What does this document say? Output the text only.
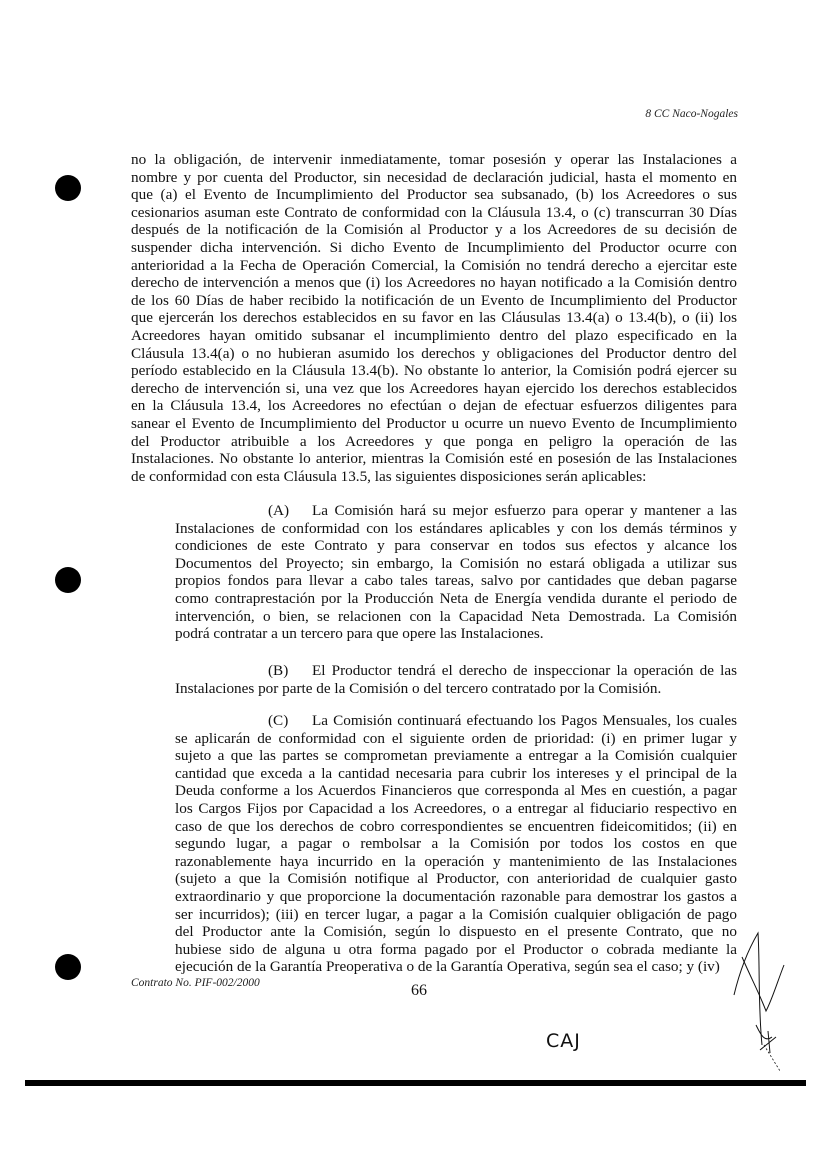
8 CC Naco-Nogales
no la obligación, de intervenir inmediatamente, tomar posesión y operar las Instalaciones a
nombre y por cuenta del Productor, sin necesidad de declaración judicial, hasta el momento en
que (a) el Evento de Incumplimiento del Productor sea subsanado, (b) los Acreedores o sus
cesionarios asuman este Contrato de conformidad con la Cláusula 13.4, o (c) transcurran 30 Días
después de la notificación de la Comisión al Productor y a los Acreedores de su decisión de
suspender dicha intervención. Si dicho Evento de Incumplimiento del Productor ocurre con
anterioridad a la Fecha de Operación Comercial, la Comisión no tendrá derecho a ejercitar este
derecho de intervención a menos que (i) los Acreedores no hayan notificado a la Comisión dentro
de los 60 Días de haber recibido la notificación de un Evento de Incumplimiento del Productor
que ejercerán los derechos establecidos en su favor en las Cláusulas 13.4(a) o 13.4(b), o (ii) los
Acreedores hayan omitido subsanar el incumplimiento dentro del plazo especificado en la
Cláusula 13.4(a) o no hubieran asumido los derechos y obligaciones del Productor dentro del
período establecido en la Cláusula 13.4(b). No obstante lo anterior, la Comisión podrá ejercer su
derecho de intervención si, una vez que los Acreedores hayan ejercido los derechos establecidos
en la Cláusula 13.4, los Acreedores no efectúan o dejan de efectuar esfuerzos diligentes para
sanear el Evento de Incumplimiento del Productor u ocurre un nuevo Evento de Incumplimiento
del Productor atribuible a los Acreedores y que ponga en peligro la operación de las
Instalaciones. No obstante lo anterior, mientras la Comisión esté en posesión de las Instalaciones
de conformidad con esta Cláusula 13.5, las siguientes disposiciones serán aplicables:
(A)	La Comisión hará su mejor esfuerzo para operar y mantener a las
Instalaciones de conformidad con los estándares aplicables y con los demás términos y
condiciones de este Contrato y para conservar en todos sus efectos y alcance los
Documentos del Proyecto; sin embargo, la Comisión no estará obligada a utilizar sus
propios fondos para llevar a cabo tales tareas, salvo por cantidades que deban pagarse
como contraprestación por la Producción Neta de Energía vendida durante el periodo de
intervención, o bien, se relacionen con la Capacidad Neta Demostrada. La Comisión
podrá contratar a un tercero para que opere las Instalaciones.
(B)	El Productor tendrá el derecho de inspeccionar la operación de las
Instalaciones por parte de la Comisión o del tercero contratado por la Comisión.
(C)	La Comisión continuará efectuando los Pagos Mensuales, los cuales
se aplicarán de conformidad con el siguiente orden de prioridad: (i) en primer lugar y
sujeto a que las partes se comprometan previamente a entregar a la Comisión cualquier
cantidad que exceda a la cantidad necesaria para cubrir los intereses y el principal de la
Deuda conforme a los Acuerdos Financieros que corresponda al Mes en cuestión, a pagar
los Cargos Fijos por Capacidad a los Acreedores, o a entregar al fiduciario respectivo en
caso de que los derechos de cobro correspondientes se encuentren fideicomitidos; (ii) en
segundo lugar, a pagar o rembolsar a la Comisión por todos los costos en que
razonablemente haya incurrido en la operación y mantenimiento de las Instalaciones
(sujeto a que la Comisión notifique al Productor, con anterioridad de cualquier gasto
extraordinario y que proporcione la documentación razonable para demostrar los gastos a
ser incurridos); (iii) en tercer lugar, a pagar a la Comisión cualquier obligación de pago
del Productor ante la Comisión, según lo dispuesto en el presente Contrato, que no
hubiese sido de alguna u otra forma pagado por el Productor o cobrada mediante la
ejecución de la Garantía Preoperativa o de la Garantía Operativa, según sea el caso; y (iv)
Contrato No. PIF-002/2000	66
CAJ
